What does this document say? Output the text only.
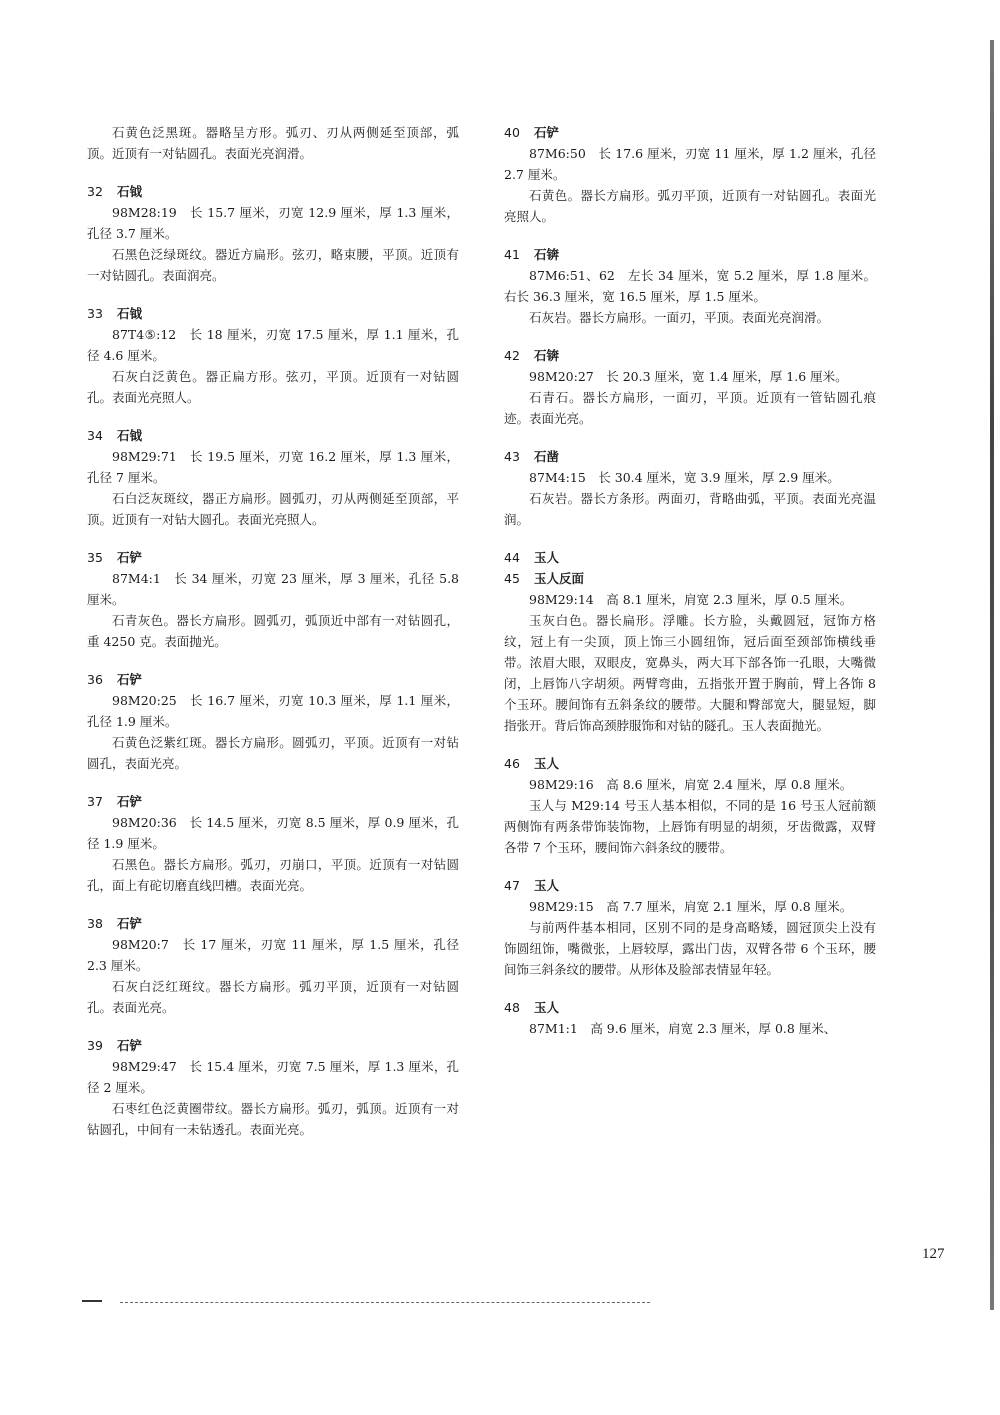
石黄色泛黑斑。器略呈方形。弧刃、刃从两侧延至顶部，弧顶。近顶有一对钻圆孔。表面光亮润滑。

32 石钺

98M28:19　长 15.7 厘米，刃宽 12.9 厘米，厚 1.3 厘米，孔径 3.7 厘米。

石黑色泛绿斑纹。器近方扁形。弦刃，略束腰，平顶。近顶有一对钻圆孔。表面润亮。

33 石钺

87T4⑤:12　长 18 厘米，刃宽 17.5 厘米，厚 1.1 厘米，孔径 4.6 厘米。

石灰白泛黄色。器正扁方形。弦刃，平顶。近顶有一对钻圆孔。表面光亮照人。

34 石钺

98M29:71　长 19.5 厘米，刃宽 16.2 厘米，厚 1.3 厘米，孔径 7 厘米。

石白泛灰斑纹，器正方扁形。圆弧刃，刃从两侧延至顶部，平顶。近顶有一对钻大圆孔。表面光亮照人。

35 石铲

87M4:1　长 34 厘米，刃宽 23 厘米，厚 3 厘米，孔径 5.8 厘米。

石青灰色。器长方扁形。圆弧刃，弧顶近中部有一对钻圆孔，重 4250 克。表面抛光。

36 石铲

98M20:25　长 16.7 厘米，刃宽 10.3 厘米，厚 1.1 厘米，孔径 1.9 厘米。

石黄色泛紫红斑。器长方扁形。圆弧刃，平顶。近顶有一对钻圆孔，表面光亮。

37 石铲

98M20:36　长 14.5 厘米，刃宽 8.5 厘米，厚 0.9 厘米，孔径 1.9 厘米。

石黑色。器长方扁形。弧刃，刃崩口，平顶。近顶有一对钻圆孔，面上有砣切磨直线凹槽。表面光亮。

38 石铲

98M20:7　长 17 厘米，刃宽 11 厘米，厚 1.5 厘米，孔径 2.3 厘米。

石灰白泛红斑纹。器长方扁形。弧刃平顶，近顶有一对钻圆孔。表面光亮。

39 石铲

98M29:47　长 15.4 厘米，刃宽 7.5 厘米，厚 1.3 厘米，孔径 2 厘米。

石枣红色泛黄圈带纹。器长方扁形。弧刃，弧顶。近顶有一对钻圆孔，中间有一未钻透孔。表面光亮。

40 石铲

87M6:50　长 17.6 厘米，刃宽 11 厘米，厚 1.2 厘米，孔径 2.7 厘米。

石黄色。器长方扁形。弧刃平顶，近顶有一对钻圆孔。表面光亮照人。

41 石锛

87M6:51、62　左长 34 厘米，宽 5.2 厘米，厚 1.8 厘米。右长 36.3 厘米，宽 16.5 厘米，厚 1.5 厘米。

石灰岩。器长方扁形。一面刃，平顶。表面光亮润滑。

42 石锛

98M20:27　长 20.3 厘米，宽 1.4 厘米，厚 1.6 厘米。

石青石。器长方扁形，一面刃，平顶。近顶有一管钻圆孔痕迹。表面光亮。

43 石凿

87M4:15　长 30.4 厘米，宽 3.9 厘米，厚 2.9 厘米。

石灰岩。器长方条形。两面刃，背略曲弧，平顶。表面光亮温润。

44 玉人
45 玉人反面

98M29:14　高 8.1 厘米，肩宽 2.3 厘米，厚 0.5 厘米。

玉灰白色。器长扁形。浮雕。长方脸，头戴圆冠，冠饰方格纹，冠上有一尖顶，顶上饰三小圆纽饰，冠后面至颈部饰横线垂带。浓眉大眼，双眼皮，宽鼻头，两大耳下部各饰一孔眼，大嘴微闭，上唇饰八字胡须。两臂弯曲，五指张开置于胸前，臂上各饰 8 个玉环。腰间饰有五斜条纹的腰带。大腿和臀部宽大，腿显短，脚指张开。背后饰高颈脖服饰和对钻的隧孔。玉人表面抛光。

46 玉人

98M29:16　高 8.6 厘米，肩宽 2.4 厘米，厚 0.8 厘米。

玉人与 M29:14 号玉人基本相似，不同的是 16 号玉人冠前额两侧饰有两条带饰装饰物，上唇饰有明显的胡须，牙齿微露，双臂各带 7 个玉环，腰间饰六斜条纹的腰带。

47 玉人

98M29:15　高 7.7 厘米，肩宽 2.1 厘米，厚 0.8 厘米。

与前两件基本相同，区别不同的是身高略矮，圆冠顶尖上没有饰圆纽饰，嘴微张，上唇较厚，露出门齿，双臂各带 6 个玉环，腰间饰三斜条纹的腰带。从形体及脸部表情显年轻。

48 玉人

87M1:1　高 9.6 厘米，肩宽 2.3 厘米，厚 0.8 厘米、

127
